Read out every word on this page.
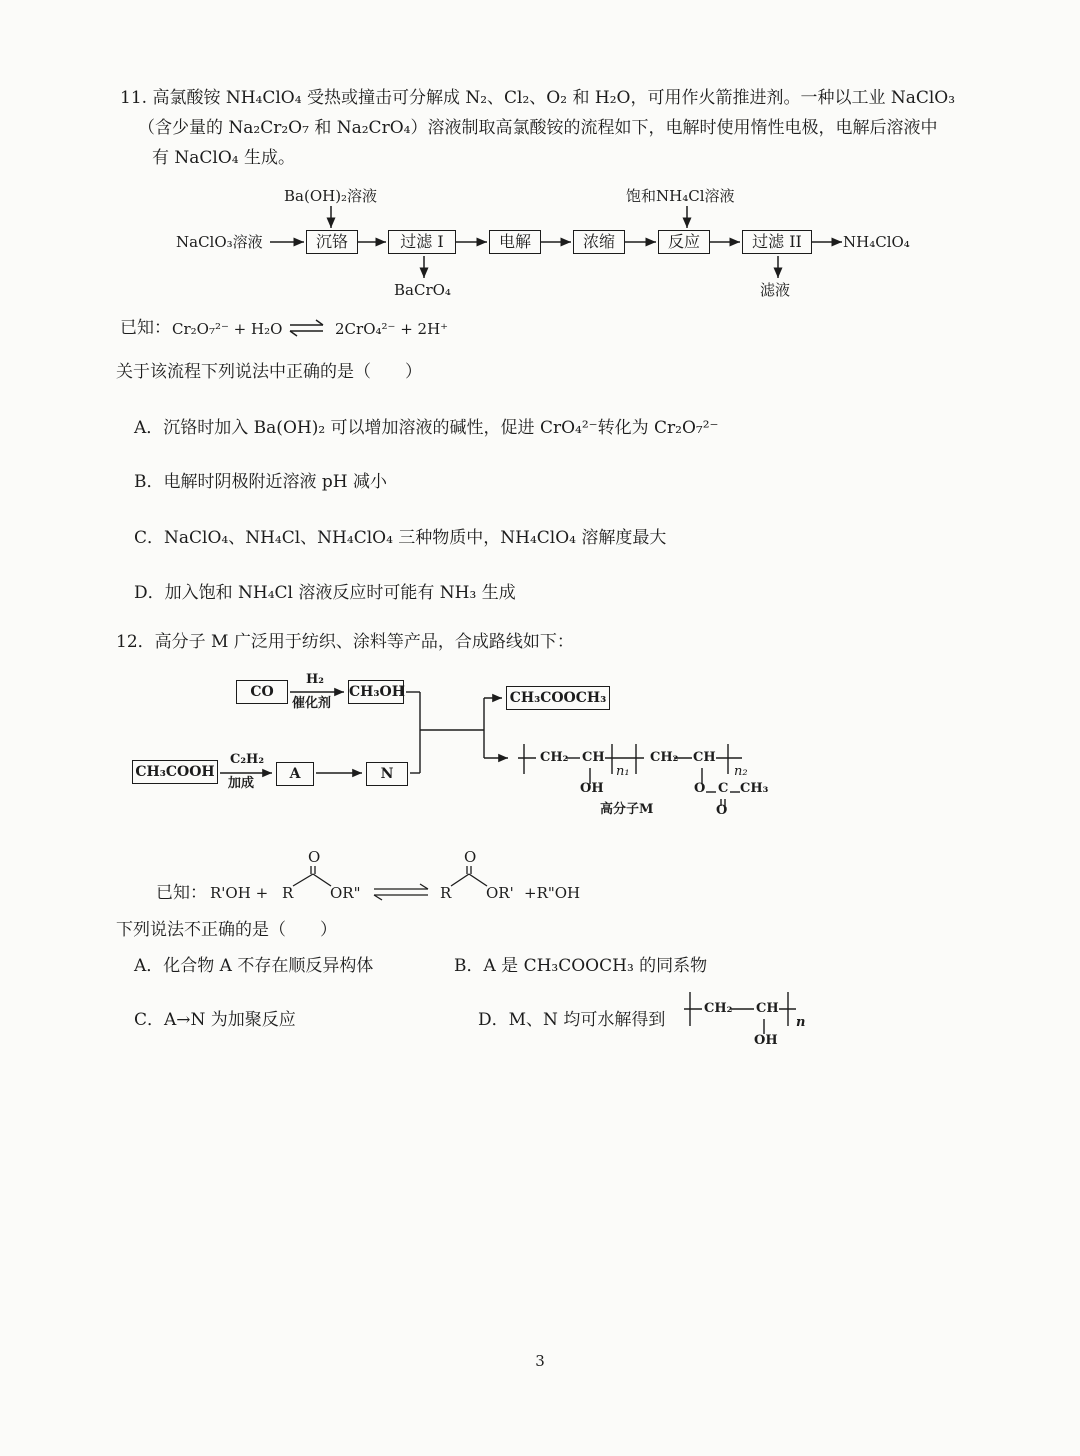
11. 高氯酸铵 NH₄ClO₄ 受热或撞击可分解成 N₂、Cl₂、O₂ 和 H₂O，可用作火箭推进剂。一种以工业 NaClO₃
（含少量的 Na₂Cr₂O₇ 和 Na₂CrO₄）溶液制取高氯酸铵的流程如下，电解时使用惰性电极，电解后溶液中
有 NaClO₄ 生成。
Ba(OH)₂溶液	饱和NH₄Cl溶液
NaClO₃溶液	沉铬	过滤 I	电解	浓缩	反应	过滤 II	NH₄ClO₄
BaCrO₄	滤液
已知： Cr₂O₇²⁻ + H₂O	2CrO₄²⁻ + 2H⁺
关于该流程下列说法中正确的是（　　）
A．沉铬时加入 Ba(OH)₂ 可以增加溶液的碱性，促进 CrO₄²⁻转化为 Cr₂O₇²⁻
B．电解时阴极附近溶液 pH 减小
C．NaClO₄、NH₄Cl、NH₄ClO₄ 三种物质中，NH₄ClO₄ 溶解度最大
D．加入饱和 NH₄Cl 溶液反应时可能有 NH₃ 生成
12．高分子 M 广泛用于纺织、涂料等产品，合成路线如下：
CO
H₂
催化剂
CH₃OH	CH₃COOCH₃
CH₃COOH
C₂H₂
加成
A	N
CH₂ CH
OH
n₁
CH₂ CH
n₂
O C CH₃
O
高分子M
已知： R'OH + R
O
OR"	R
O
OR' +R"OH
下列说法不正确的是（　　）
A．化合物 A 不存在顺反异构体	B．A 是 CH₃COOCH₃ 的同系物
C．A→N 为加聚反应	D．M、N 均可水解得到
CH₂ CH
OH
n
3
